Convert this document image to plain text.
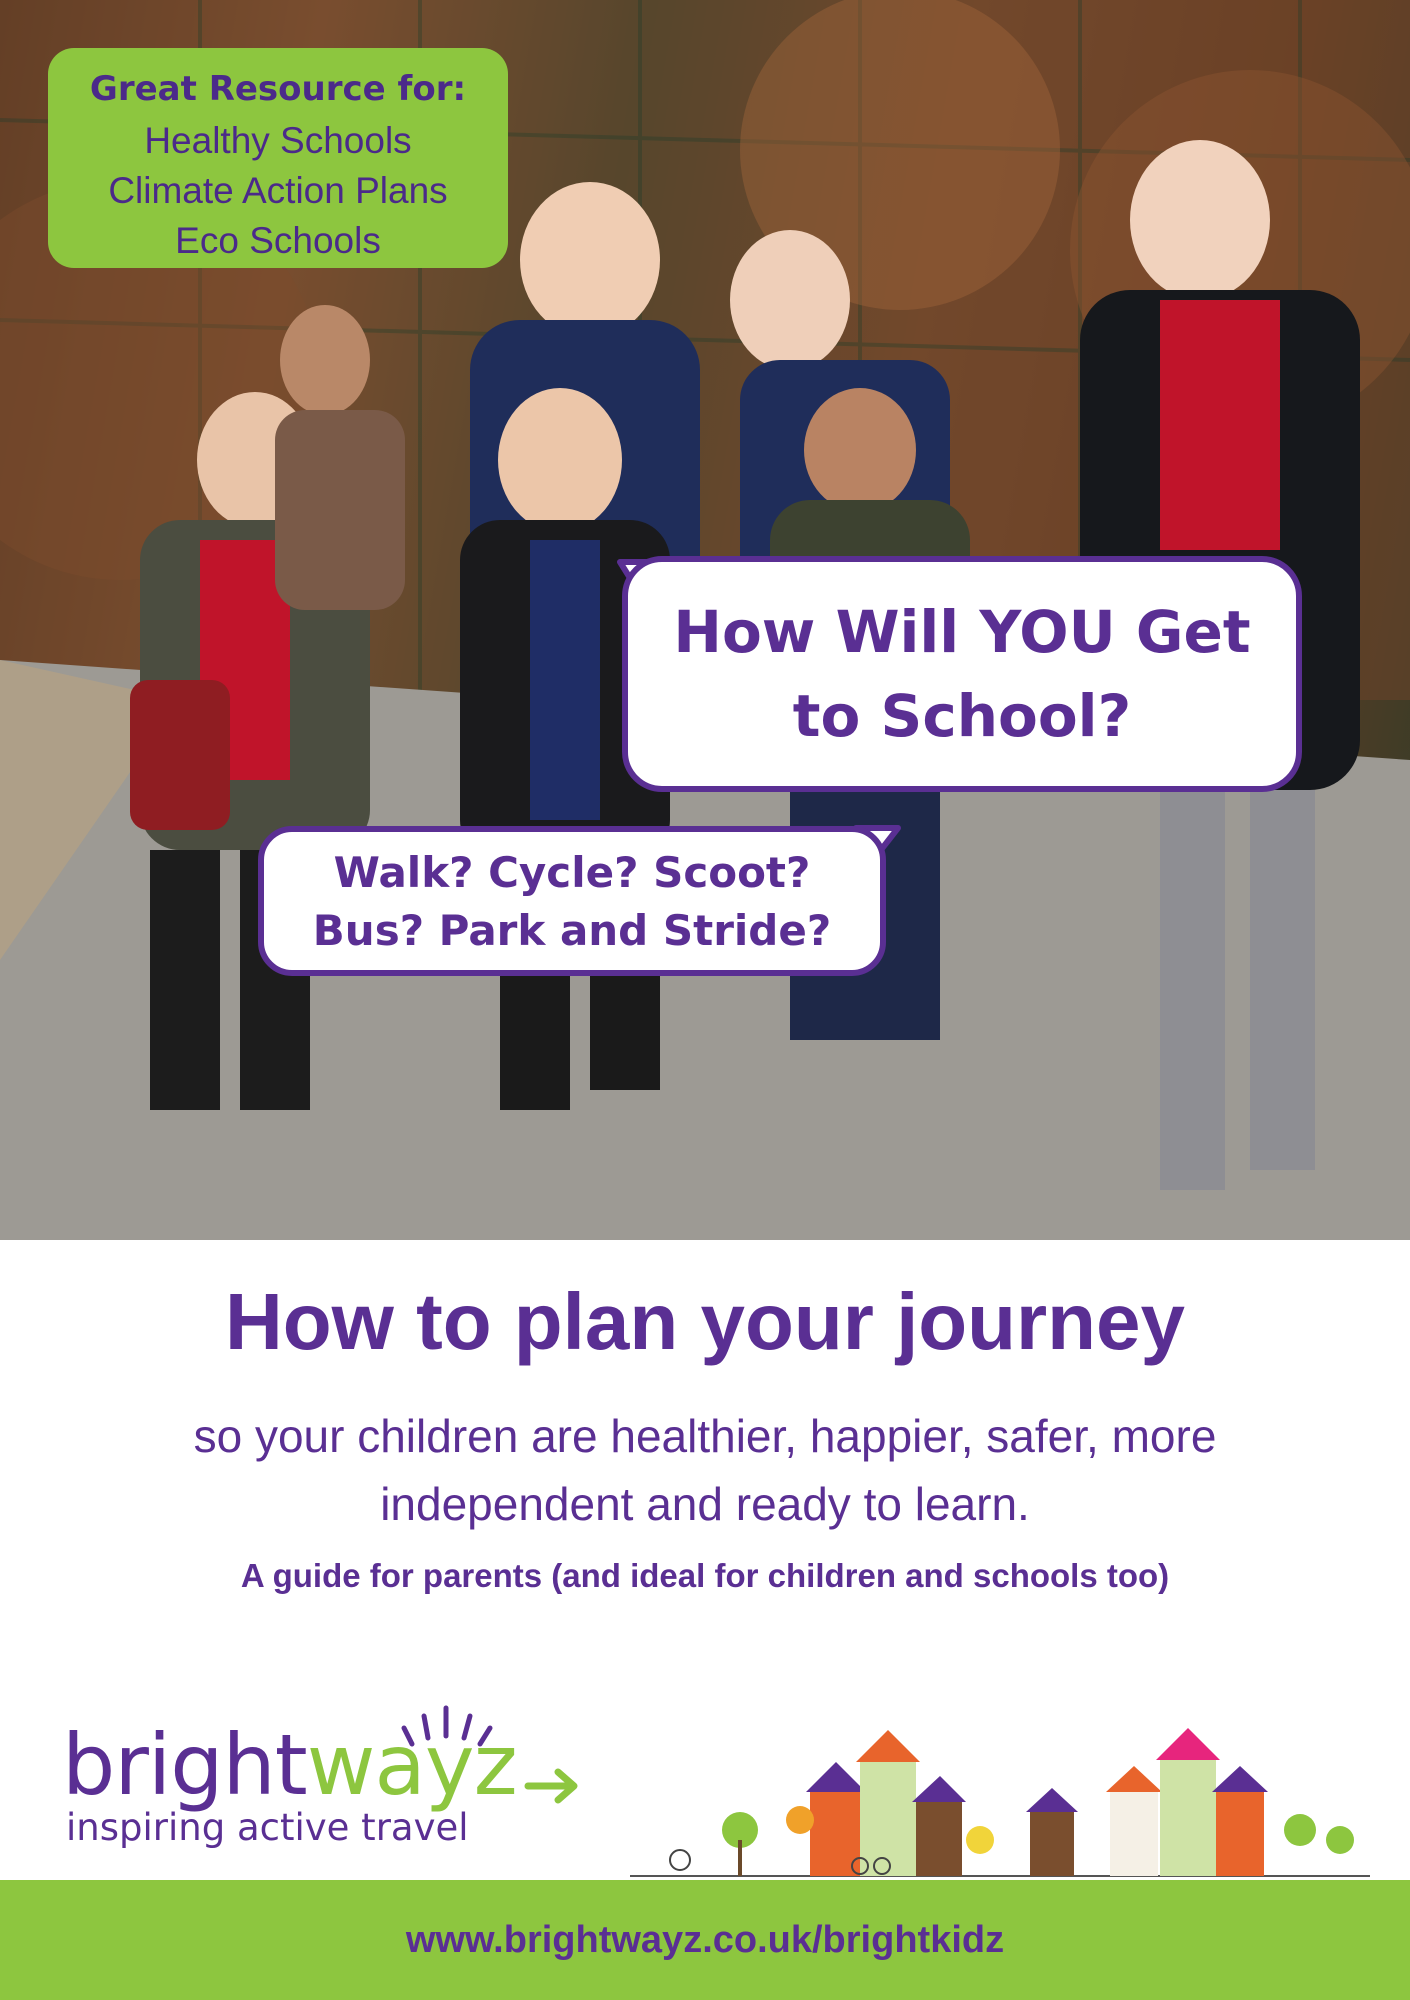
Great Resource for:
Healthy Schools
Climate Action Plans
Eco Schools
How Will YOU Get
to School?
Walk? Cycle? Scoot?
Bus? Park and Stride?
How to plan your journey
so your children are healthier, happier, safer, more
independent and ready to learn.
A guide for parents (and ideal for children and schools too)
brightwayz
inspiring active travel
www.brightwayz.co.uk/brightkidz
